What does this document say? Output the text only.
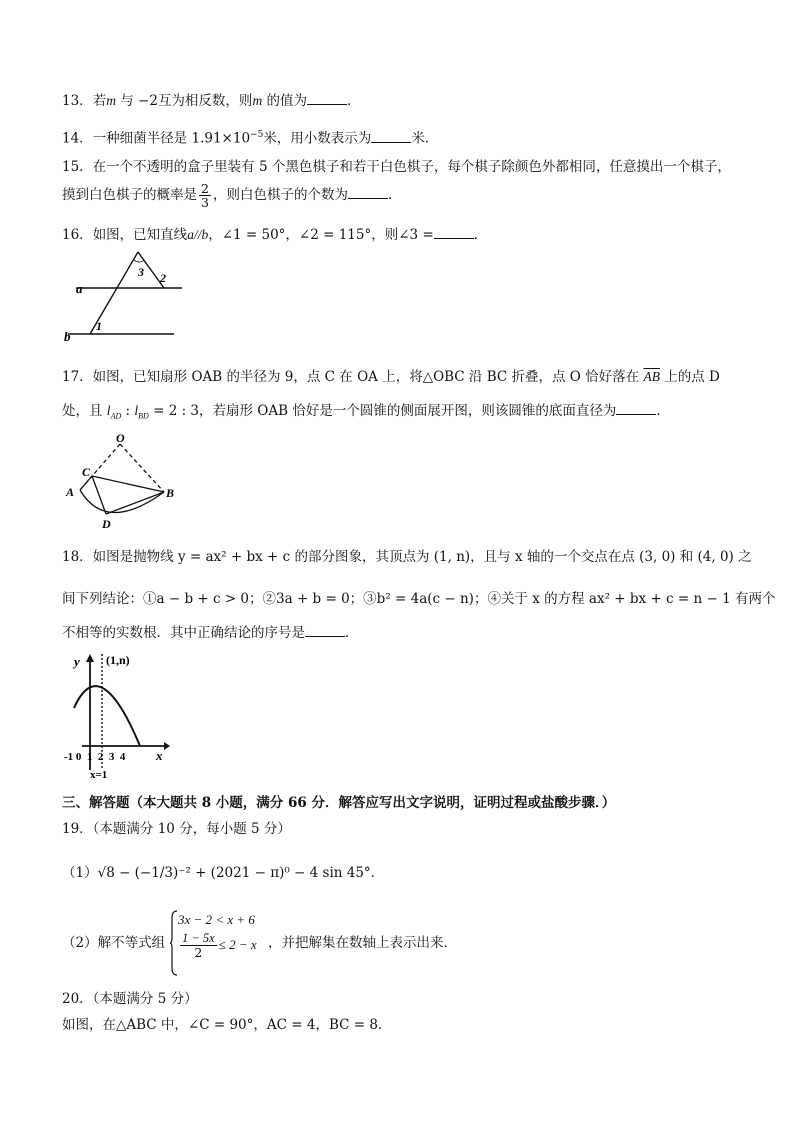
13．若m 与 −2互为相反数，则m 的值为	．
14．一种细菌半径是 $1.91\times 10^{-5}$米，用小数表示为	米．
15．在一个不透明的盒子里装有 5 个黑色棋子和若干白色棋子，每个棋子除颜色外都相同，任意摸出一个棋子，
摸到白色棋子的概率是 $\frac{2}{3}$ ，则白色棋子的个数为	．
16．如图，已知直线a//b，∠1 = 50°，∠2 = 115°，则∠3 =	．
3 2
1
a
b
17．如图，已知扇形 OAB 的半径为 9，点 C 在 OA 上，将△OBC 沿 BC 折叠，点 O 恰好落在 $\overline{AB}$ 上的点 D
处，且 $l_{AD}$ : $l_{BD} = 2$ : 3，若扇形 OAB 恰好是一个圆锥的侧面展开图，则该圆锥的底面直径为	．
O
C
A	B
D
18．如图是抛物线 y = ax² + bx + c 的部分图象，其顶点为 (1, n)，且与 x 轴的一个交点在点 (3, 0) 和 (4, 0) 之
间下列结论：①a − b + c > 0；②3a + b = 0；③b² = 4a(c − n)；④关于 x 的方程 ax² + bx + c = n − 1 有两个
不相等的实数根．其中正确结论的序号是	．
y
x
(1,n)
-1 0  1  2  3  4
x=1
三、解答题（本大题共 8 小题，满分 66 分．解答应写出文字说明，证明过程或盐酸步骤．）
19．（本题满分 10 分，每小题 5 分）
（1）√8 − (−1/3)⁻² + (2021 − π)⁰ − 4 sin 45°．
（2）解不等式组
3x − 2 < x + 6
$\frac{1 - 5x}{2} \le 2 - x$ ，并把解集在数轴上表示出来．
20．（本题满分 5 分）
如图，在△ABC 中，∠C = 90°，AC = 4，BC = 8．
